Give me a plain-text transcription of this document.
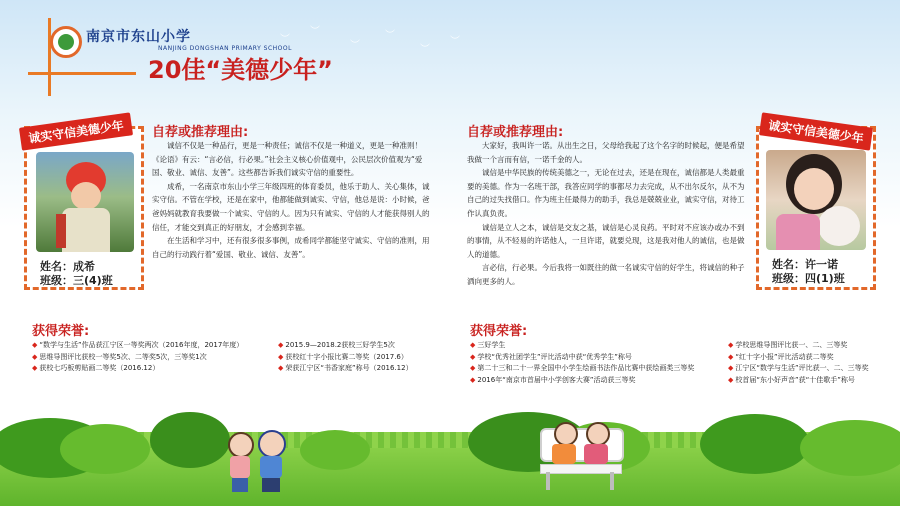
南京市东山小学
NANJING DONGSHAN PRIMARY SCHOOL
20佳“美德少年”
︶
︶
︶
︶
︶
︶
诚实守信美德少年
姓名：成希
班级：三(4)班
自荐或推荐理由:

诚信不仅是一种品行，更是一种责任；诚信不仅是一种道义，更是一种准则！《论语》有云：“言必信，行必果。”社会主义核心价值观中，公民层次价值观为“爱国、敬业、诚信、友善”。这些都告诉我们诚实守信的重要性。

成希，一名南京市东山小学三年级四班的体育委员，他乐于助人、关心集体，诚实守信。不管在学校，还是在家中，他都能做到诚实、守信，他总是说：小时候，爸爸妈妈就教育我要做一个诚实、守信的人。因为只有诚实、守信的人才能获得别人的信任，才能交到真正的好朋友，才会感到幸福。

在生活和学习中，还有很多很多事例，成希同学都能坚守诚实、守信的准则，用自己的行动践行着“爱国、敬业、诚信、友善”。

获得荣誉:
◆ “数学与生活”作品获江宁区一等奖两次（2016年度，2017年度）
◆ 思维导图评比获校一等奖5次、二等奖5次，三等奖1次
◆ 获校七巧板剪贴画二等奖（2016.12）
◆ 2015.9—2018.2获校三好学生5次
◆ 获校红十字小报比赛二等奖（2017.6）
◆ 荣获江宁区“书香家庭”称号（2016.12）
自荐或推荐理由:

大家好，我叫许一诺。从出生之日，父母给我起了这个名字的时候起，便是希望我做一个言而有信，一诺千金的人。

诚信是中华民族的传统美德之一，无论在过去，还是在现在，诚信都是人类最重要的美德。作为一名班干部，我答应同学的事都尽力去完成，从不出尔反尔，从不为自己的过失找借口。作为班主任最得力的助手，我总是兢兢业业，诚实守信，对待工作认真负责。

诚信是立人之本，诚信是交友之基，诚信是心灵良药。平时对不应该办或办不到的事情，从不轻易的许诺他人，一旦许诺，就要兑现，这是我对他人的诚信，也是做人的道德。

言必信，行必果。今后我将一如既往的做一名诚实守信的好学生，将诚信的种子洒向更多的人。

诚实守信美德少年
姓名：许一诺
班级：四(1)班
获得荣誉:
◆ 三好学生
◆ 学校“优秀社团学生”评比活动中获“优秀学生”称号
◆ 第二十三和二十一界全国中小学生绘画书法作品比赛中获绘画类三等奖
◆ 2016年“南京市首届中小学创客大赛”活动获三等奖
◆ 学校思维导图评比获一、二、三等奖
◆ “红十字小报”评比活动获二等奖
◆ 江宁区“数学与生活”评比获一、二、三等奖
◆ 校首届“东小好声音”获“十佳歌手”称号
